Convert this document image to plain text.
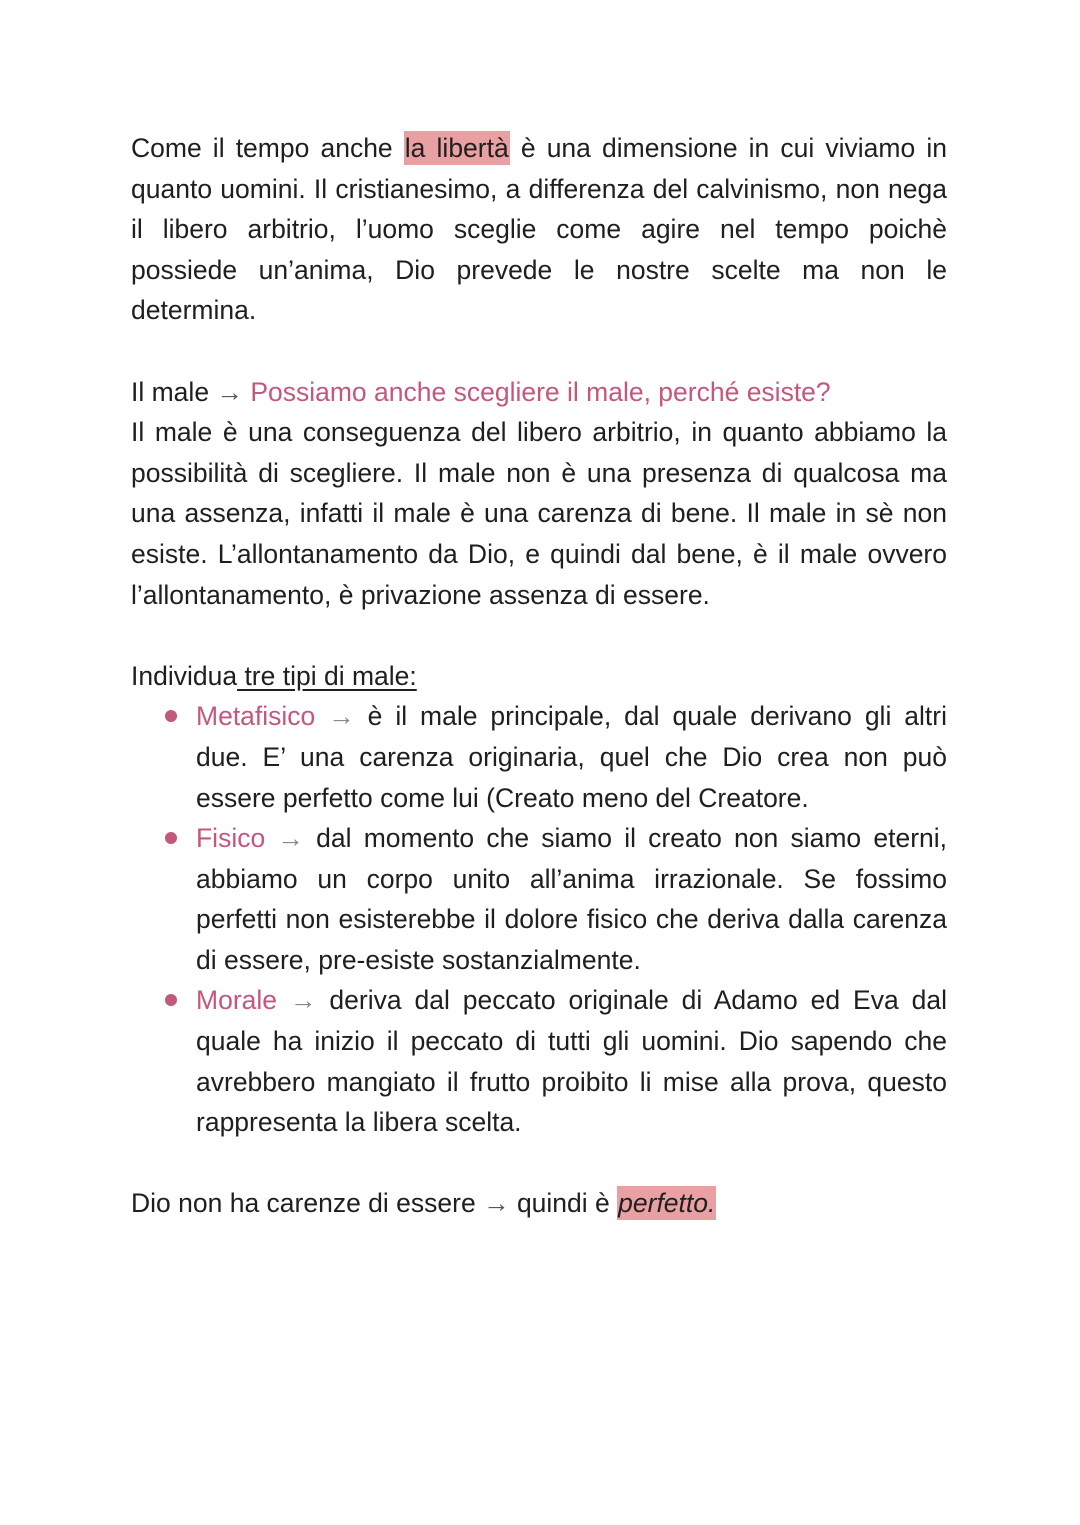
Come il tempo anche la libertà è una dimensione in cui viviamo in quanto uomini. Il cristianesimo, a differenza del calvinismo, non nega il libero arbitrio, l’uomo sceglie come agire nel tempo poichè possiede un’anima, Dio prevede le nostre scelte ma non le determina.

Il male → Possiamo anche scegliere il male, perché esiste?

Il male è una conseguenza del libero arbitrio, in quanto abbiamo la possibilità di scegliere. Il male non è una presenza di qualcosa ma una assenza, infatti il male è una carenza di bene. Il male in sè non esiste. L’allontanamento da Dio, e quindi dal bene, è il male ovvero l’allontanamento, è privazione assenza di essere.

Individua tre tipi di male:

Metafisico → è il male principale, dal quale derivano gli altri due. E’ una carenza originaria, quel che Dio crea non può essere perfetto come lui (Creato meno del Creatore.
Fisico → dal momento che siamo il creato non siamo eterni, abbiamo un corpo unito all’anima irrazionale. Se fossimo perfetti non esisterebbe il dolore fisico che deriva dalla carenza di essere, pre-esiste sostanzialmente.
Morale → deriva dal peccato originale di Adamo ed Eva dal quale ha inizio il peccato di tutti gli uomini. Dio sapendo che avrebbero mangiato il frutto proibito li mise alla prova, questo rappresenta la libera scelta.

Dio non ha carenze di essere → quindi è perfetto.
